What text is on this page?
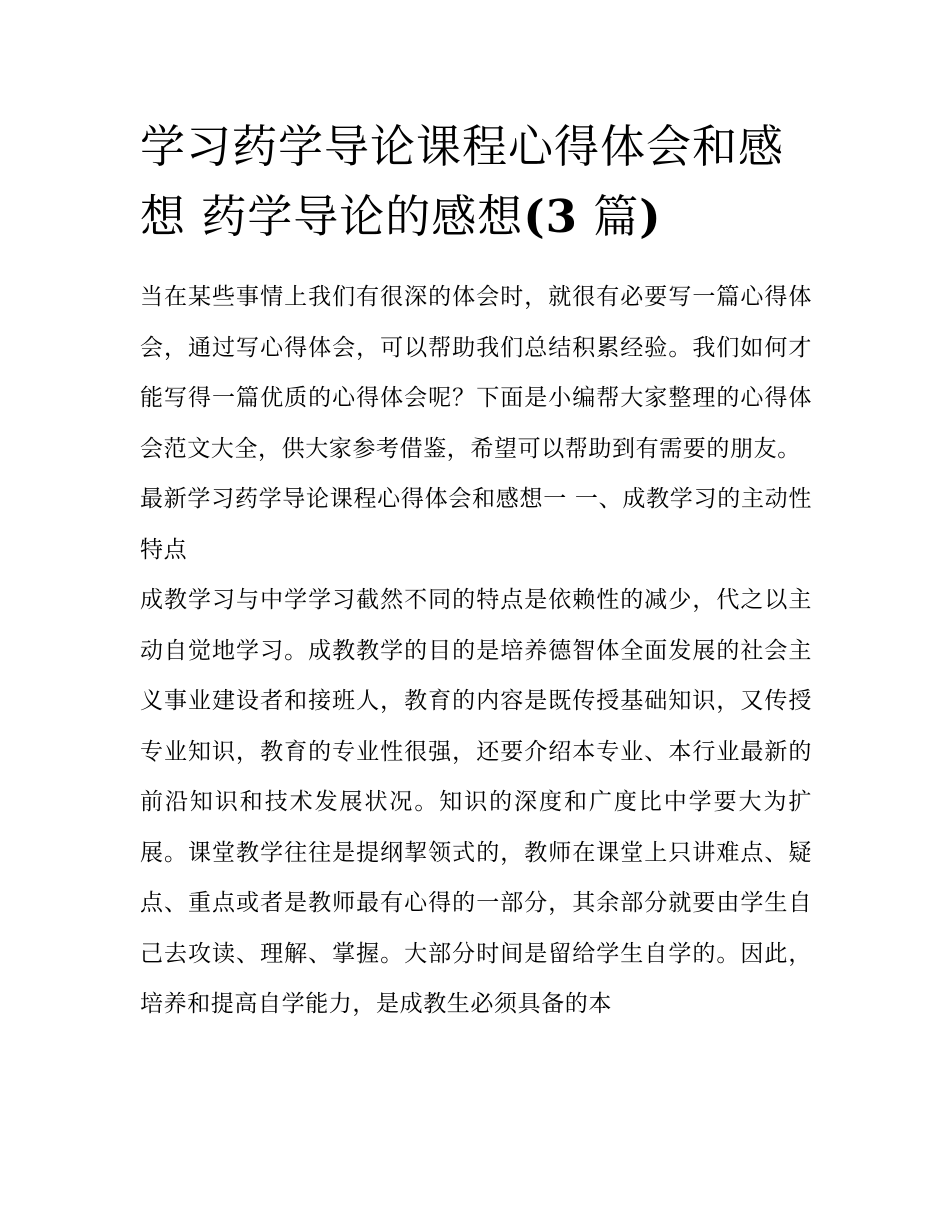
学习药学导论课程心得体会和感想 药学导论的感想(3 篇)

当在某些事情上我们有很深的体会时，就很有必要写一篇心得体会，通过写心得体会，可以帮助我们总结积累经验。我们如何才能写得一篇优质的心得体会呢？下面是小编帮大家整理的心得体会范文大全，供大家参考借鉴，希望可以帮助到有需要的朋友。

最新学习药学导论课程心得体会和感想一 一、成教学习的主动性特点

成教学习与中学学习截然不同的特点是依赖性的减少，代之以主动自觉地学习。成教教学的目的是培养德智体全面发展的社会主义事业建设者和接班人，教育的内容是既传授基础知识，又传授专业知识，教育的专业性很强，还要介绍本专业、本行业最新的前沿知识和技术发展状况。知识的深度和广度比中学要大为扩展。课堂教学往往是提纲挈领式的，教师在课堂上只讲难点、疑点、重点或者是教师最有心得的一部分，其余部分就要由学生自己去攻读、理解、掌握。大部分时间是留给学生自学的。因此，培养和提高自学能力，是成教生必须具备的本
